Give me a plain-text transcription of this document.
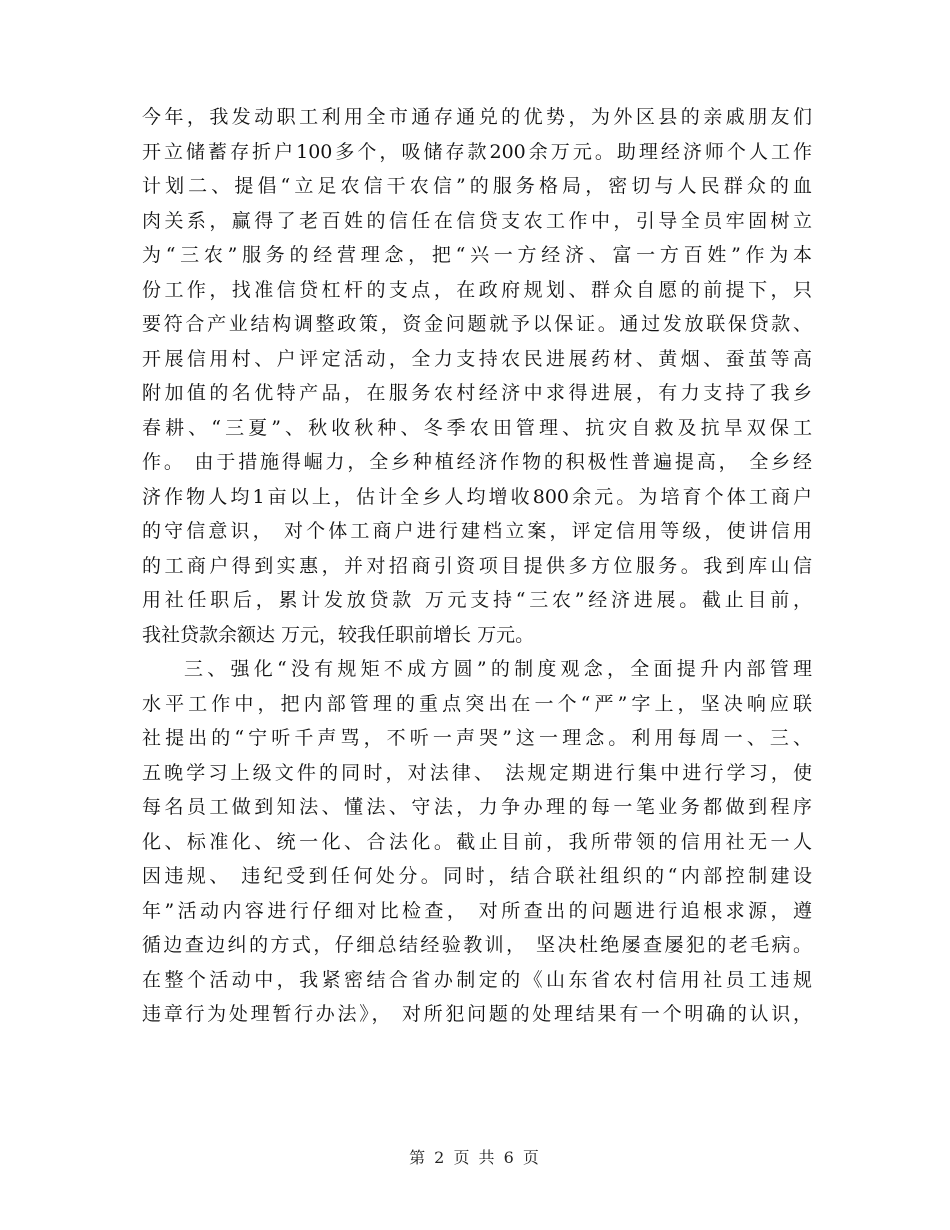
今年，我发动职工利用全市通存通兑的优势，为外区县的亲戚朋友们
开立储蓄存折户100多个，吸储存款200余万元。助理经济师个人工作
计划二、提倡“立足农信干农信”的服务格局，密切与人民群众的血
肉关系，赢得了老百姓的信任在信贷支农工作中，引导全员牢固树立
为“三农”服务的经营理念，把“兴一方经济、富一方百姓”作为本
份工作，找准信贷杠杆的支点，在政府规划、群众自愿的前提下，只
要符合产业结构调整政策，资金问题就予以保证。通过发放联保贷款、
开展信用村、户评定活动，全力支持农民进展药材、黄烟、蚕茧等高
附加值的名优特产品，在服务农村经济中求得进展，有力支持了我乡
春耕、“三夏”、秋收秋种、冬季农田管理、抗灾自救及抗旱双保工
作。 由于措施得崛力，全乡种植经济作物的积极性普遍提高， 全乡经
济作物人均1亩以上，估计全乡人均增收800余元。为培育个体工商户
的守信意识， 对个体工商户进行建档立案，评定信用等级，使讲信用
的工商户得到实惠，并对招商引资项目提供多方位服务。我到库山信
用社任职后，累计发放贷款 万元支持“三农”经济进展。截止目前，
我社贷款余额达 万元，较我任职前增长 万元。
三、强化“没有规矩不成方圆”的制度观念，全面提升内部管理
水平工作中，把内部管理的重点突出在一个“严”字上，坚决响应联
社提出的“宁听千声骂，不听一声哭”这一理念。利用每周一、三、
五晚学习上级文件的同时，对法律、 法规定期进行集中进行学习，使
每名员工做到知法、懂法、守法，力争办理的每一笔业务都做到程序
化、标准化、统一化、合法化。截止目前，我所带领的信用社无一人
因违规、 违纪受到任何处分。同时，结合联社组织的“内部控制建设
年”活动内容进行仔细对比检查， 对所查出的问题进行追根求源，遵
循边查边纠的方式，仔细总结经验教训， 坚决杜绝屡查屡犯的老毛病。
在整个活动中，我紧密结合省办制定的《山东省农村信用社员工违规
违章行为处理暂行办法》， 对所犯问题的处理结果有一个明确的认识，
第 2 页 共 6 页
